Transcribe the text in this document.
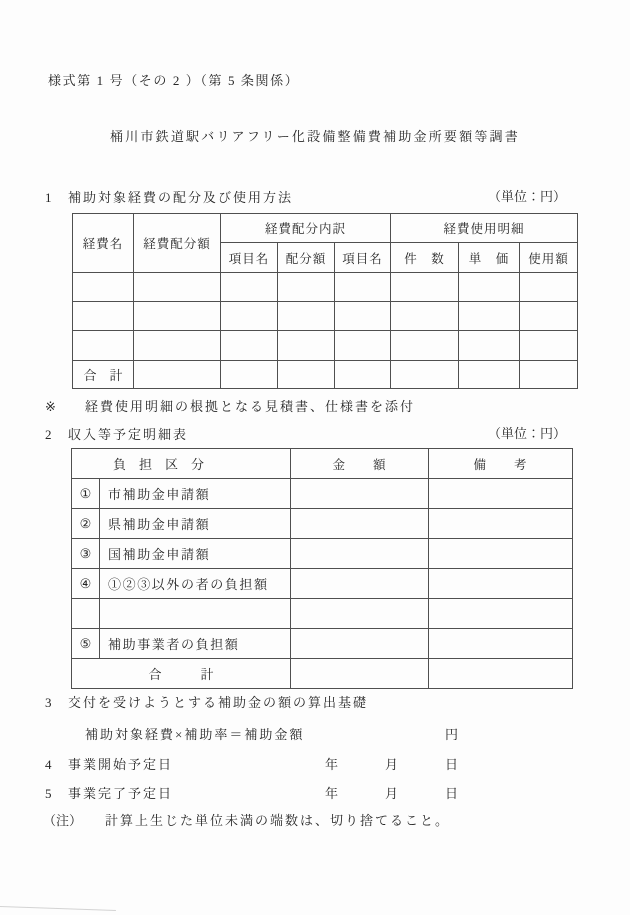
様式第 1 号（その 2 ）（第 5 条関係）
桶川市鉄道駅バリアフリー化設備整備費補助金所要額等調書
1 補助対象経費の配分及び使用方法	（単位：円）
経費名	経費配分額	経費配分内訳			経費使用明細		
		項目名	配分額	項目名	件　数	単　価	使用額

合　計							
※ 経費使用明細の根拠となる見積書、仕様書を添付
2 収入等予定明細表	（単位：円）
負　担　区　分		金　　額	備　　考
①	市補助金申請額		
②	県補助金申請額		
③	国補助金申請額		
④	①②③以外の者の負担額		

⑤	補助事業者の負担額		
合　　　計			
3 交付を受けようとする補助金の額の算出基礎
補助対象経費×補助率＝補助金額	円
4 事業開始予定日	年	月	日
5 事業完了予定日	年	月	日
（注） 計算上生じた単位未満の端数は、切り捨てること。
